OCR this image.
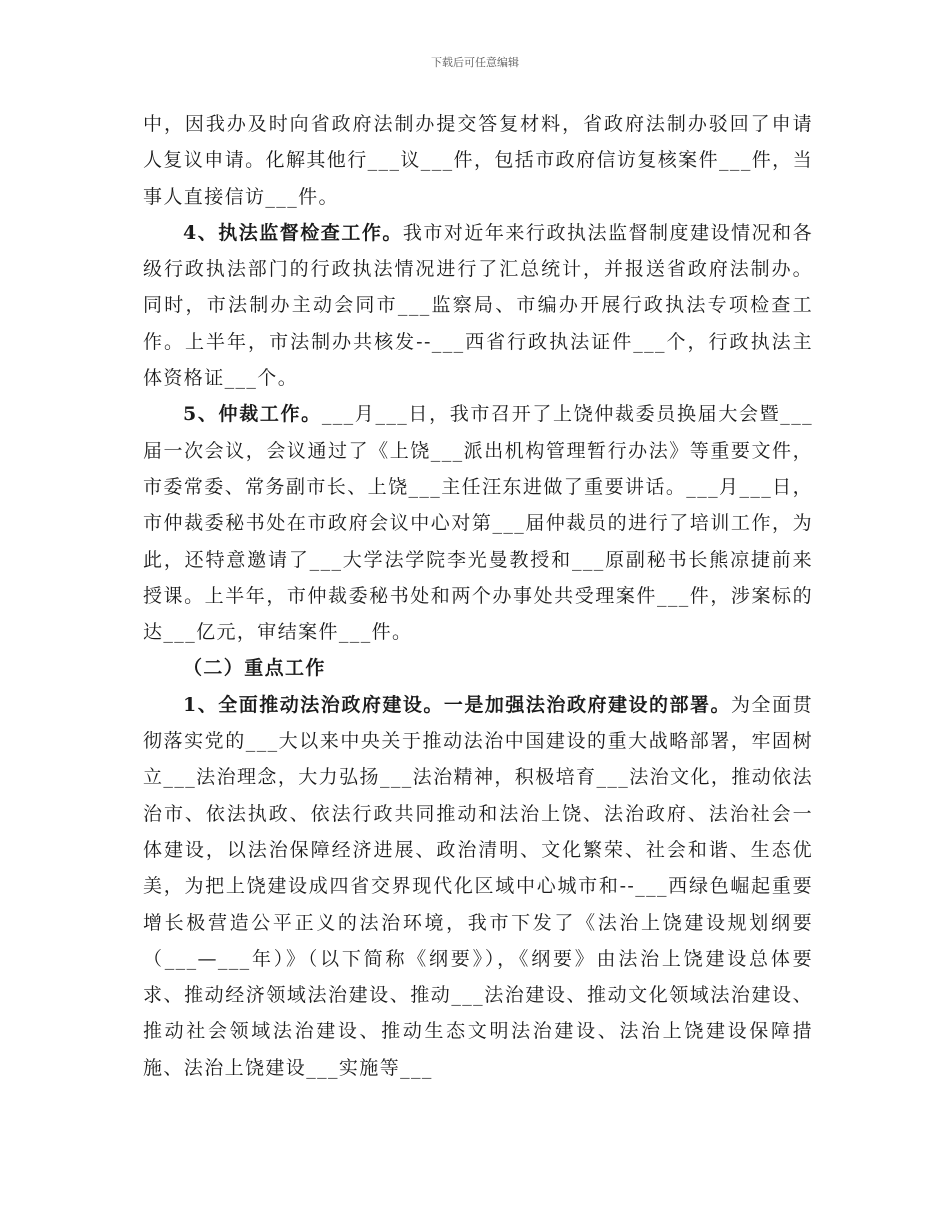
下载后可任意编辑

中，因我办及时向省政府法制办提交答复材料，省政府法制办驳回了申请人复议申请。化解其他行___议___件，包括市政府信访复核案件___件，当事人直接信访___件。

4、执法监督检查工作。我市对近年来行政执法监督制度建设情况和各级行政执法部门的行政执法情况进行了汇总统计，并报送省政府法制办。同时，市法制办主动会同市___监察局、市编办开展行政执法专项检查工作。上半年，市法制办共核发--___西省行政执法证件___个，行政执法主体资格证___个。

5、仲裁工作。___月___日，我市召开了上饶仲裁委员换届大会暨___届一次会议，会议通过了《上饶___派出机构管理暂行办法》等重要文件，市委常委、常务副市长、上饶___主任汪东进做了重要讲话。___月___日，市仲裁委秘书处在市政府会议中心对第___届仲裁员的进行了培训工作，为此，还特意邀请了___大学法学院李光曼教授和___原副秘书长熊凉捷前来授课。上半年，市仲裁委秘书处和两个办事处共受理案件___件，涉案标的达___亿元，审结案件___件。

（二）重点工作

1、全面推动法治政府建设。一是加强法治政府建设的部署。为全面贯彻落实党的___大以来中央关于推动法治中国建设的重大战略部署，牢固树立___法治理念，大力弘扬___法治精神，积极培育___法治文化，推动依法治市、依法执政、依法行政共同推动和法治上饶、法治政府、法治社会一体建设，以法治保障经济进展、政治清明、文化繁荣、社会和谐、生态优美，为把上饶建设成四省交界现代化区域中心城市和--___西绿色崛起重要增长极营造公平正义的法治环境，我市下发了《法治上饶建设规划纲要（___—___年）》（以下简称《纲要》），《纲要》由法治上饶建设总体要求、推动经济领域法治建设、推动___法治建设、推动文化领域法治建设、推动社会领域法治建设、推动生态文明法治建设、法治上饶建设保障措施、法治上饶建设___实施等___
